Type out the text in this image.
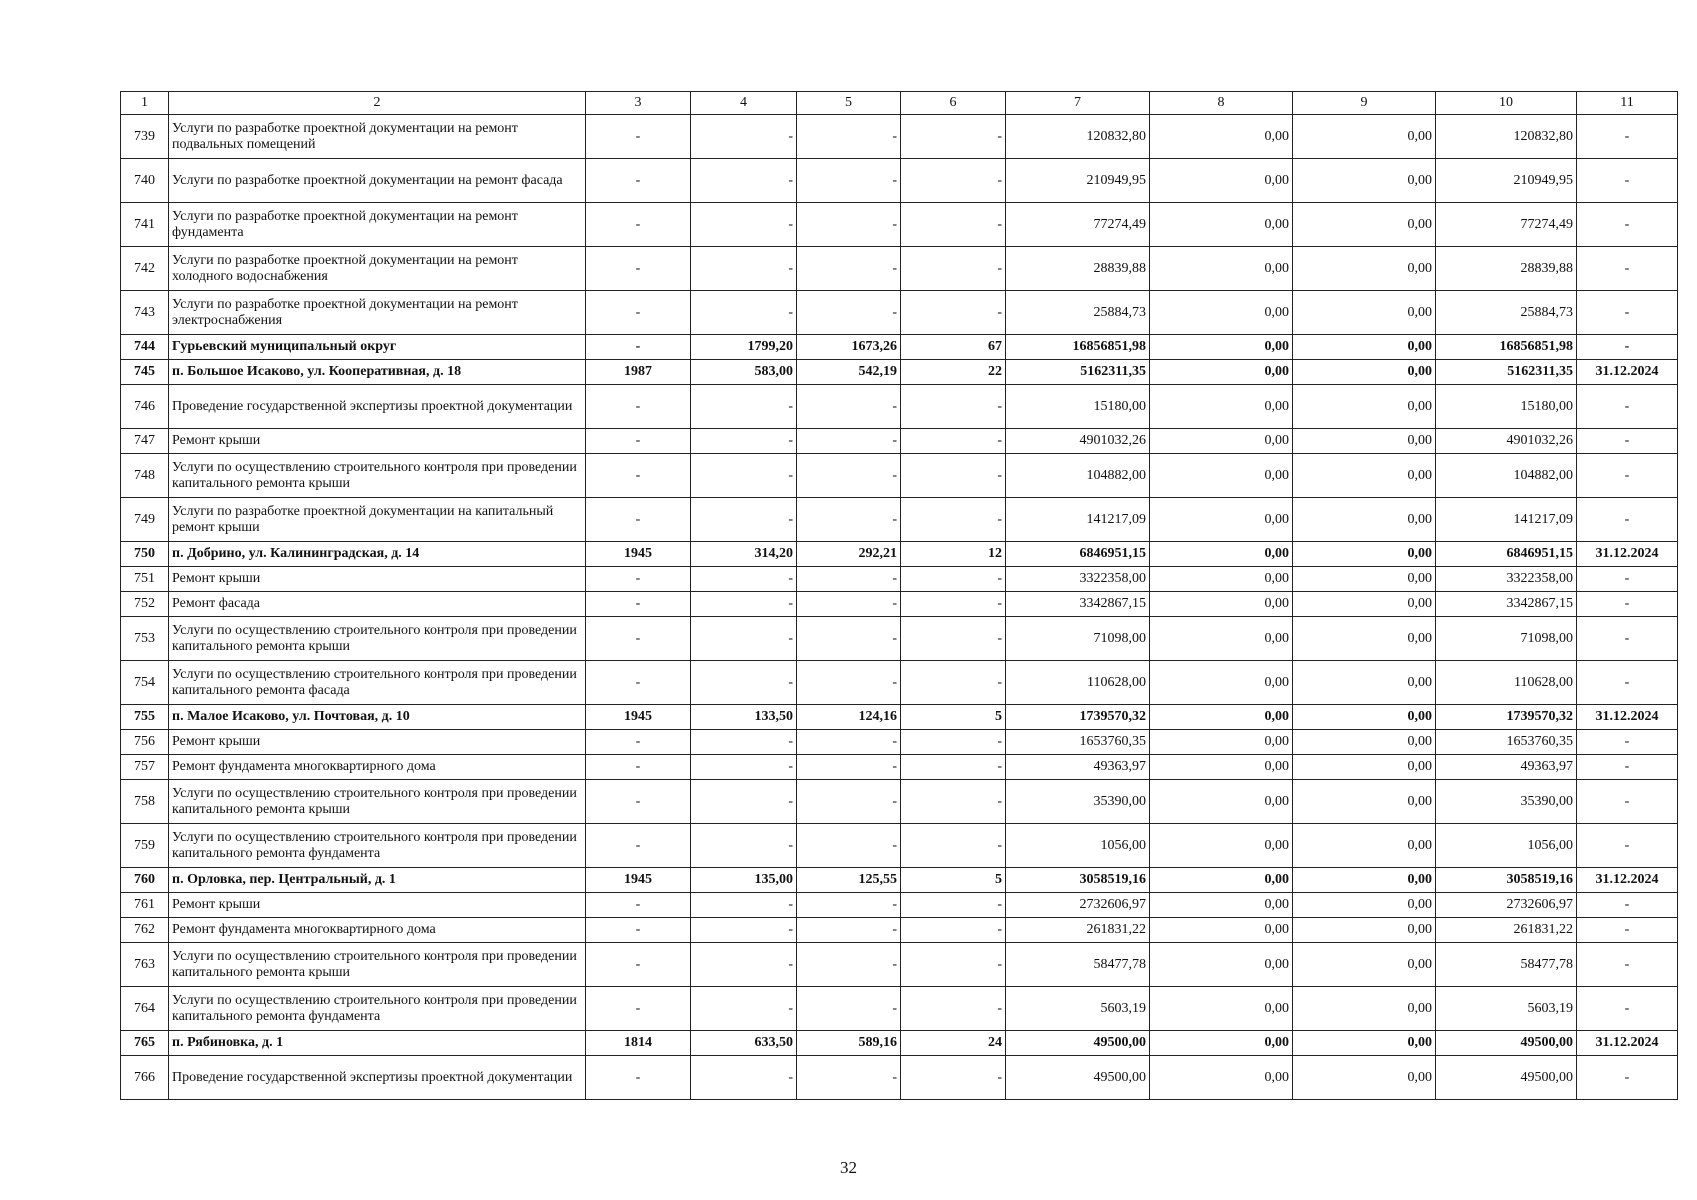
1	2	3	4	5	6	7	8	9	10	11
739	Услуги по разработке проектной документации на ремонт подвальных помещений	-	-	-	-	120832,80	0,00	0,00	120832,80	-
740	Услуги по разработке проектной документации на ремонт фасада	-	-	-	-	210949,95	0,00	0,00	210949,95	-
741	Услуги по разработке проектной документации на ремонт фундамента	-	-	-	-	77274,49	0,00	0,00	77274,49	-
742	Услуги по разработке проектной документации на ремонт холодного водоснабжения	-	-	-	-	28839,88	0,00	0,00	28839,88	-
743	Услуги по разработке проектной документации на ремонт электроснабжения	-	-	-	-	25884,73	0,00	0,00	25884,73	-
744	Гурьевский муниципальный округ	-	1799,20	1673,26	67	16856851,98	0,00	0,00	16856851,98	-
745	п. Большое Исаково, ул. Кооперативная, д. 18	1987	583,00	542,19	22	5162311,35	0,00	0,00	5162311,35	31.12.2024
746	Проведение государственной экспертизы проектной документации	-	-	-	-	15180,00	0,00	0,00	15180,00	-
747	Ремонт крыши	-	-	-	-	4901032,26	0,00	0,00	4901032,26	-
748	Услуги по осуществлению строительного контроля при проведении капитального ремонта крыши	-	-	-	-	104882,00	0,00	0,00	104882,00	-
749	Услуги по разработке проектной документации на капитальный ремонт крыши	-	-	-	-	141217,09	0,00	0,00	141217,09	-
750	п. Добрино, ул. Калининградская, д. 14	1945	314,20	292,21	12	6846951,15	0,00	0,00	6846951,15	31.12.2024
751	Ремонт крыши	-	-	-	-	3322358,00	0,00	0,00	3322358,00	-
752	Ремонт фасада	-	-	-	-	3342867,15	0,00	0,00	3342867,15	-
753	Услуги по осуществлению строительного контроля при проведении капитального ремонта крыши	-	-	-	-	71098,00	0,00	0,00	71098,00	-
754	Услуги по осуществлению строительного контроля при проведении капитального ремонта фасада	-	-	-	-	110628,00	0,00	0,00	110628,00	-
755	п. Малое Исаково, ул. Почтовая, д. 10	1945	133,50	124,16	5	1739570,32	0,00	0,00	1739570,32	31.12.2024
756	Ремонт крыши	-	-	-	-	1653760,35	0,00	0,00	1653760,35	-
757	Ремонт фундамента многоквартирного дома	-	-	-	-	49363,97	0,00	0,00	49363,97	-
758	Услуги по осуществлению строительного контроля при проведении капитального ремонта крыши	-	-	-	-	35390,00	0,00	0,00	35390,00	-
759	Услуги по осуществлению строительного контроля при проведении капитального ремонта фундамента	-	-	-	-	1056,00	0,00	0,00	1056,00	-
760	п. Орловка, пер. Центральный, д. 1	1945	135,00	125,55	5	3058519,16	0,00	0,00	3058519,16	31.12.2024
761	Ремонт крыши	-	-	-	-	2732606,97	0,00	0,00	2732606,97	-
762	Ремонт фундамента многоквартирного дома	-	-	-	-	261831,22	0,00	0,00	261831,22	-
763	Услуги по осуществлению строительного контроля при проведении капитального ремонта крыши	-	-	-	-	58477,78	0,00	0,00	58477,78	-
764	Услуги по осуществлению строительного контроля при проведении капитального ремонта фундамента	-	-	-	-	5603,19	0,00	0,00	5603,19	-
765	п. Рябиновка, д. 1	1814	633,50	589,16	24	49500,00	0,00	0,00	49500,00	31.12.2024
766	Проведение государственной экспертизы проектной документации	-	-	-	-	49500,00	0,00	0,00	49500,00	-
32
